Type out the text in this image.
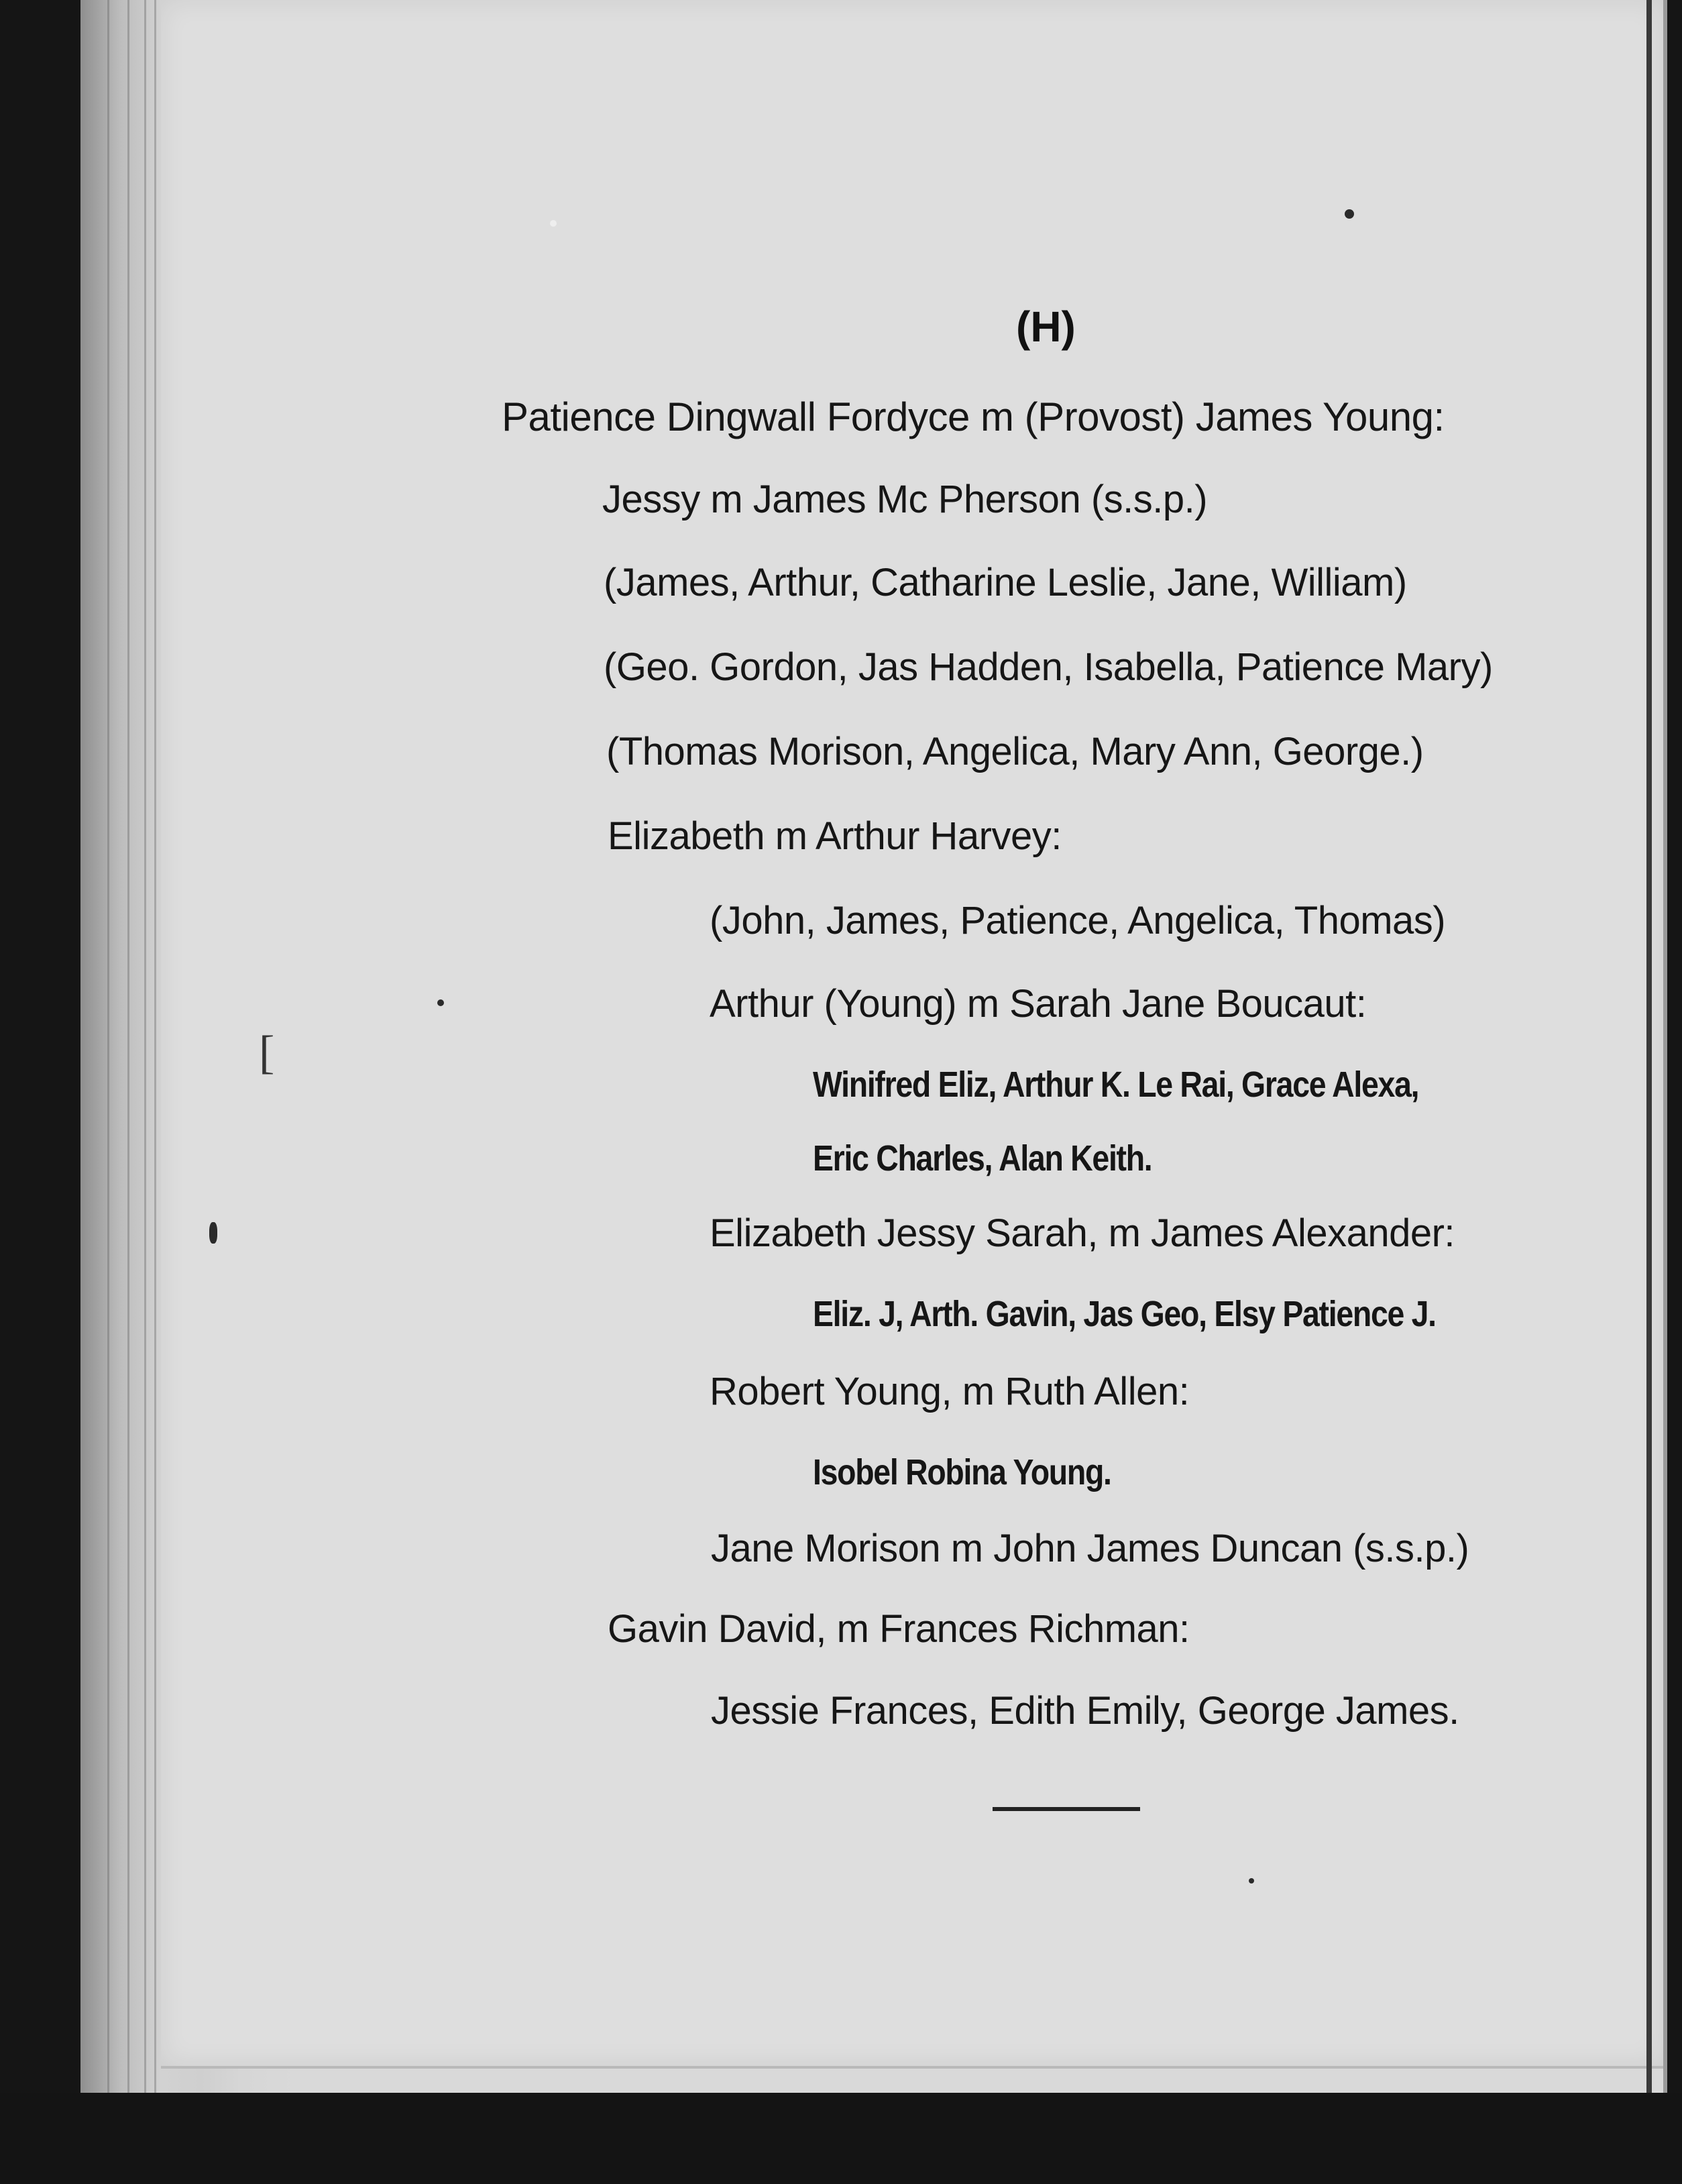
(H)
[
Patience Dingwall Fordyce m (Provost) James Young:
Jessy m James Mc Pherson (s.s.p.)
(James, Arthur, Catharine Leslie, Jane, William)
(Geo. Gordon, Jas Hadden, Isabella, Patience Mary)
(Thomas Morison, Angelica, Mary Ann, George.)
Elizabeth m Arthur Harvey:
(John, James, Patience, Angelica, Thomas)
Arthur (Young) m Sarah Jane Boucaut:
Winifred Eliz, Arthur K. Le Rai, Grace Alexa,
Eric Charles, Alan Keith.
Elizabeth Jessy Sarah, m James Alexander:
Eliz. J, Arth. Gavin, Jas Geo, Elsy Patience J.
Robert Young, m Ruth Allen:
Isobel Robina Young.
Jane Morison m John James Duncan (s.s.p.)
Gavin David, m Frances Richman:
Jessie Frances, Edith Emily, George James.
